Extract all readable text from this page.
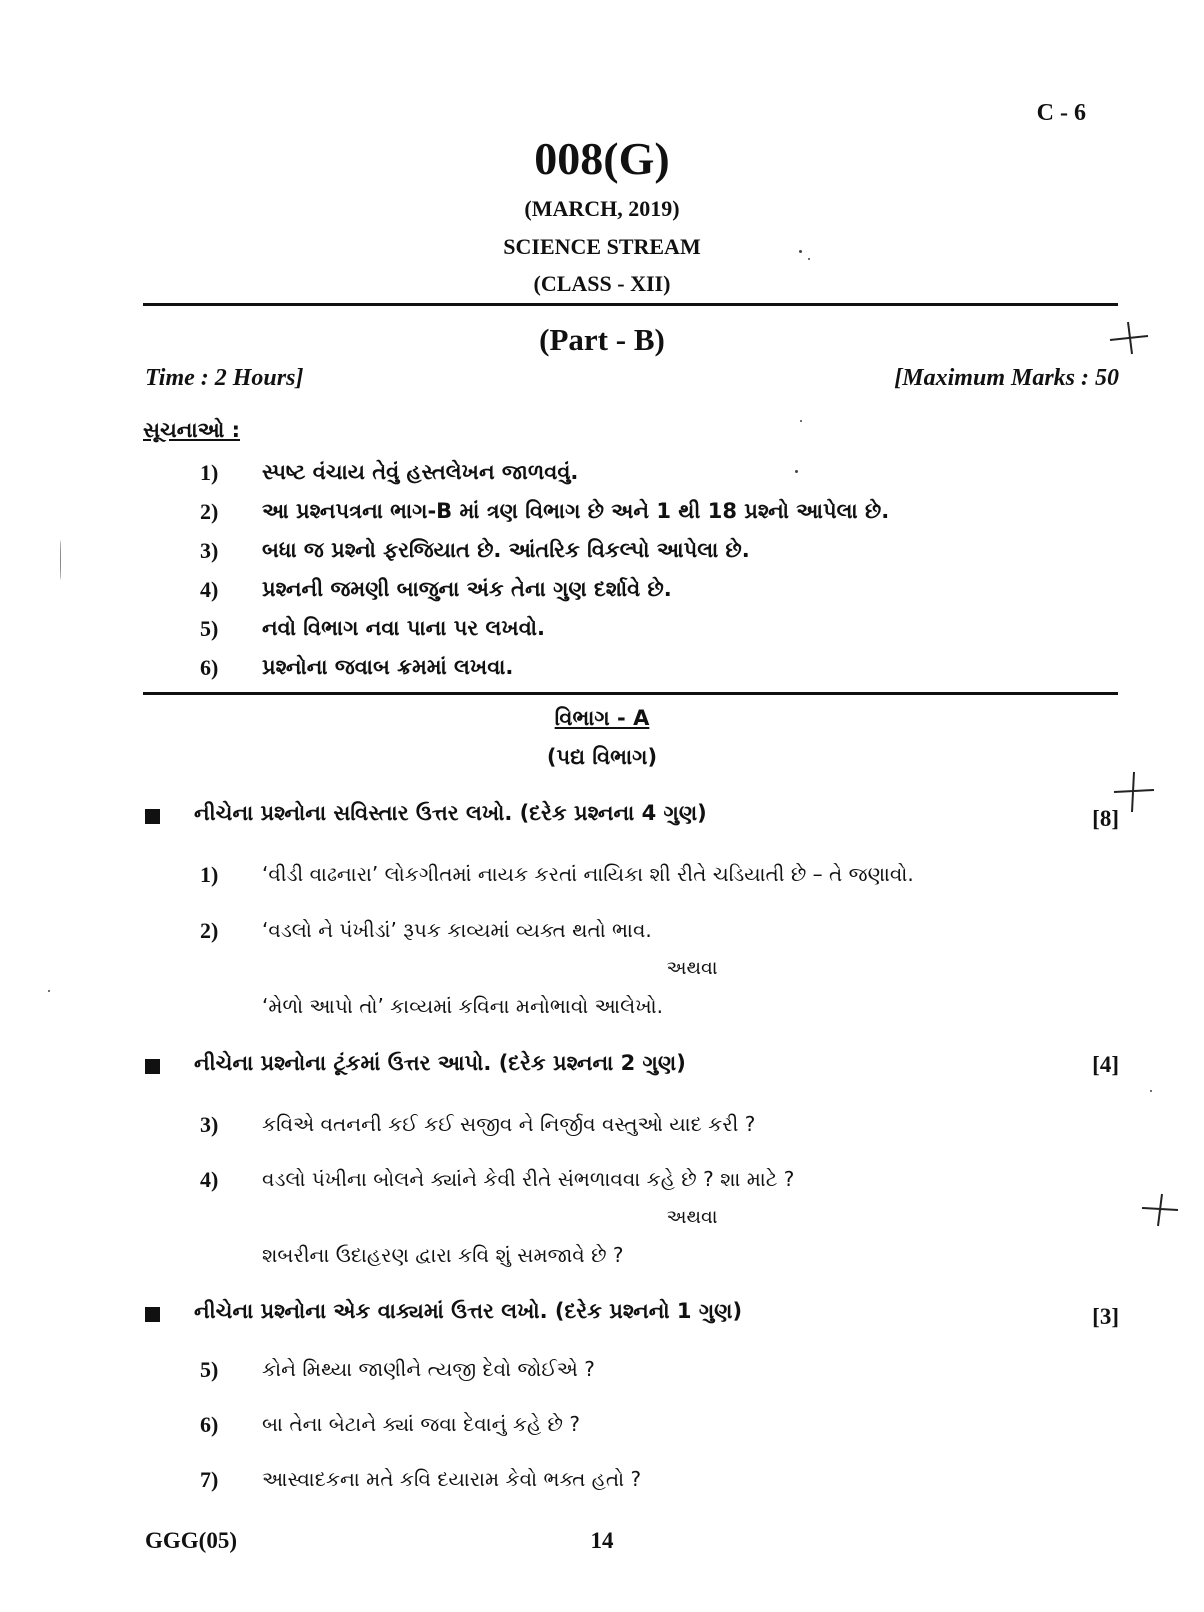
C - 6
008(G)
(MARCH, 2019)
SCIENCE STREAM
(CLASS - XII)
(Part - B)
Time : 2 Hours]	[Maximum Marks : 50
સૂચનાઓ :
1) સ્પષ્ટ વંચાય તેવું હસ્તલેખન જાળવવું.
2) આ પ્રશ્નપત્રના ભાગ-B માં ત્રણ વિભાગ છે અને 1 થી 18 પ્રશ્નો આપેલા છે.
3) બધા જ પ્રશ્નો ફરજિયાત છે. આંતરિક વિકલ્પો આપેલા છે.
4) પ્રશ્નની જમણી બાજુના અંક તેના ગુણ દર્શાવે છે.
5) નવો વિભાગ નવા પાના પર લખવો.
6) પ્રશ્નોના જવાબ ક્રમમાં લખવા.
વિભાગ - A
(પદ્ય વિભાગ)
નીચેના પ્રશ્નોના સવિસ્તાર ઉત્તર લખો. (દરેક પ્રશ્નના 4 ગુણ)	[8]
1) ‘વીડી વાઢનારા’ લોકગીતમાં નાયક કરતાં નાયિકા શી રીતે ચડિયાતી છે – તે જણાવો.
2) ‘વડલો ને પંખીડાં’ રૂપક કાવ્યમાં વ્યક્ત થતો ભાવ.
અથવા
‘મેળો આપો તો’ કાવ્યમાં કવિના મનોભાવો આલેખો.
નીચેના પ્રશ્નોના ટૂંકમાં ઉત્તર આપો. (દરેક પ્રશ્નના 2 ગુણ)	[4]
3) કવિએ વતનની કઈ કઈ સજીવ ને નિર્જીવ વસ્તુઓ યાદ કરી ?
4) વડલો પંખીના બોલને ક્યાંને કેવી રીતે સંભળાવવા કહે છે ? શા માટે ?
અથવા
શબરીના ઉદાહરણ દ્વારા કવિ શું સમજાવે છે ?
નીચેના પ્રશ્નોના એક વાક્યમાં ઉત્તર લખો. (દરેક પ્રશ્નનો 1 ગુણ)	[3]
5) કોને મિથ્યા જાણીને ત્યજી દેવો જોઈએ ?
6) બા તેના બેટાને ક્યાં જવા દેવાનું કહે છે ?
7) આસ્વાદકના મતે કવિ દયારામ કેવો ભક્ત હતો ?
GGG(05)	14
